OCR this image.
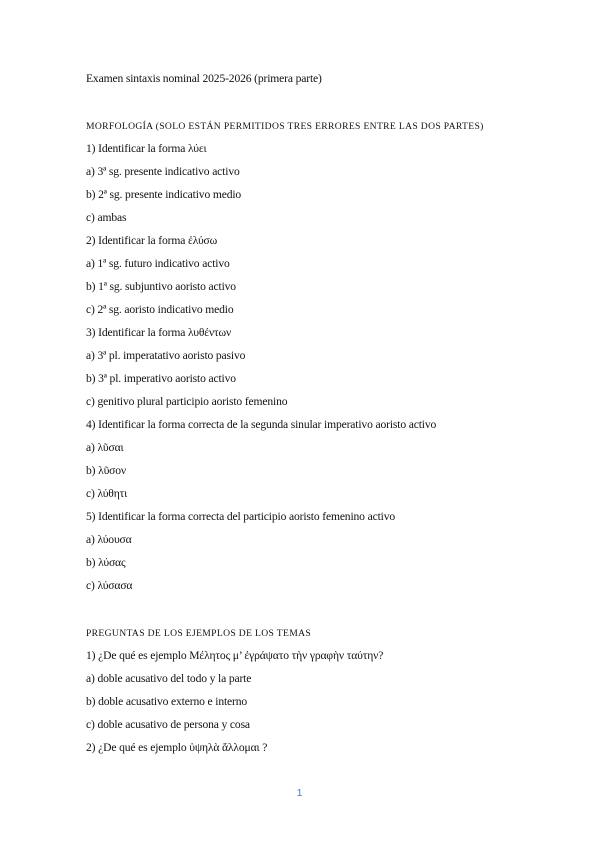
Examen sintaxis nominal 2025-2026 (primera parte)
MORFOLOGÍA (SOLO ESTÁN PERMITIDOS TRES ERRORES ENTRE LAS DOS PARTES)
1) Identificar la forma λύει
a) 3ª sg. presente indicativo activo
b) 2ª sg. presente indicativo medio
c) ambas
2) Identificar la forma ἐλύσω
a) 1ª sg. futuro indicativo activo
b) 1ª sg. subjuntivo aoristo activo
c) 2ª sg. aoristo indicativo medio
3) Identificar la forma λυθέντων
a) 3ª pl. imperatativo aoristo pasivo
b) 3ª pl. imperativo aoristo activo
c) genitivo plural participio aoristo femenino
4) Identificar la forma correcta de la segunda sinular imperativo aoristo activo
a) λῦσαι
b) λῦσον
c) λύθητι
5) Identificar la forma correcta del participio aoristo femenino activo
a) λύουσα
b) λύσας
c) λύσασα
PREGUNTAS DE LOS EJEMPLOS DE LOS TEMAS
1) ¿De qué es ejemplo Μέλητος μ’ ἐγράψατο τὴν γραφὴν ταύτην?
a) doble acusativo del todo y la parte
b) doble acusativo externo e interno
c) doble acusativo de persona y cosa
2) ¿De qué es ejemplo ὑψηλὰ ἅλλομαι ?
1
